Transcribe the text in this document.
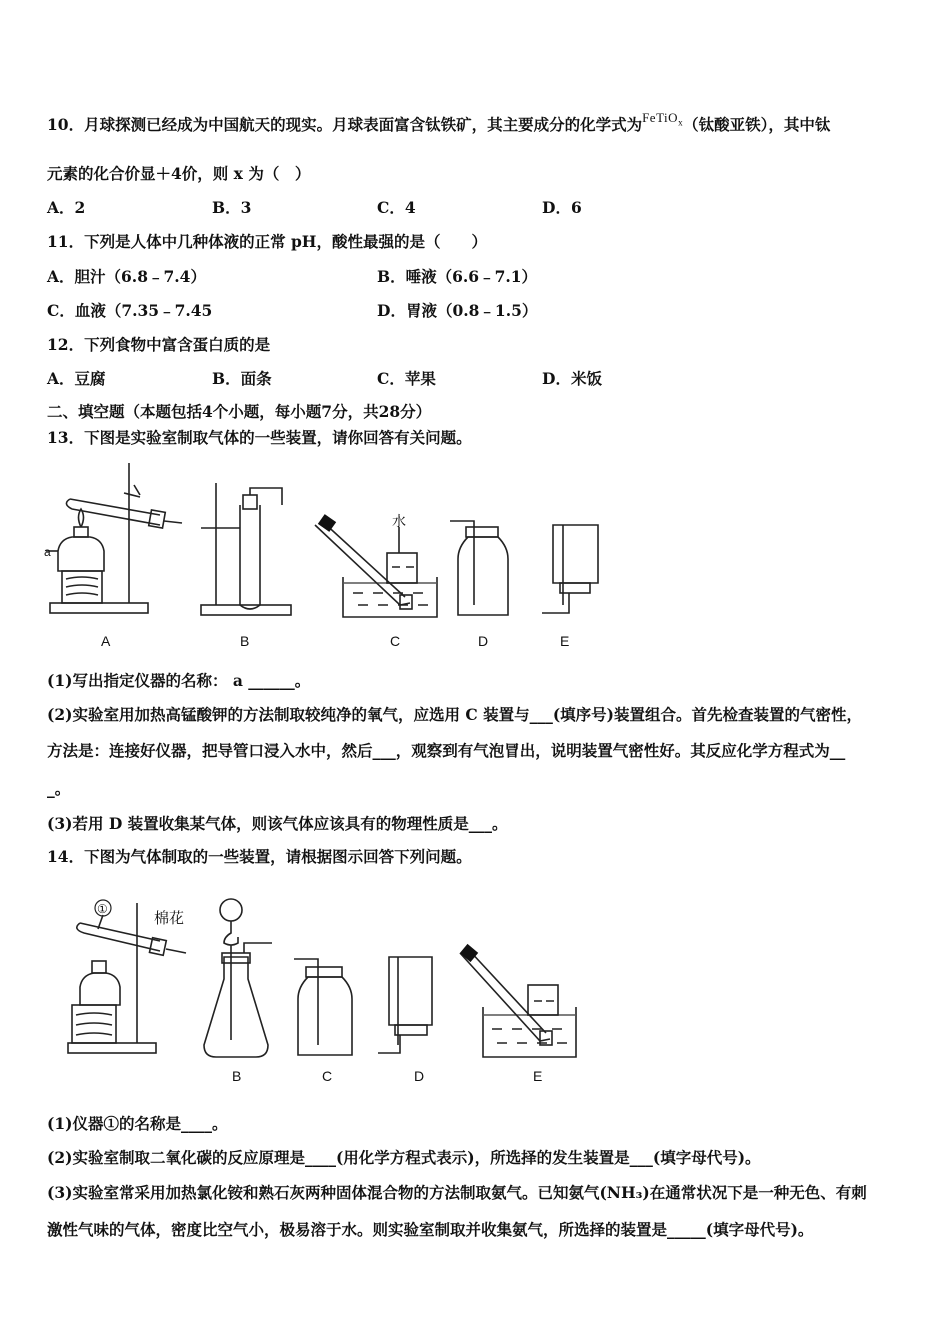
10．月球探测已经成为中国航天的现实。月球表面富含钛铁矿，其主要成分的化学式为$^{FeTiO_x}$（钛酸亚铁），其中钛
元素的化合价显＋4价，则 x 为（　）
A．2	B．3	C．4	D．6
11．下列是人体中几种体液的正常 pH，酸性最强的是（　　）
A．胆汁（6.8﹣7.4）	B．唾液（6.6﹣7.1）
C．血液（7.35﹣7.45	D．胃液（0.8﹣1.5）
12．下列食物中富含蛋白质的是
A．豆腐	B．面条	C．苹果	D．米饭
二、填空题（本题包括4个小题，每小题7分，共28分）
13．下图是实验室制取气体的一些装置，请你回答有关问题。
水
a
A	B	C	D	E
(1)写出指定仪器的名称： a ______。
(2)实验室用加热高锰酸钾的方法制取较纯净的氧气，应选用 C 装置与___(填序号)装置组合。首先检查装置的气密性，
方法是：连接好仪器，把导管口浸入水中，然后___，观察到有气泡冒出，说明装置气密性好。其反应化学方程式为__
_。
(3)若用 D 装置收集某气体，则该气体应该具有的物理性质是___。
14．下图为气体制取的一些装置，请根据图示回答下列问题。
①
棉花
B	C	D	E
(1)仪器①的名称是____。
(2)实验室制取二氧化碳的反应原理是____(用化学方程式表示)，所选择的发生装置是___(填字母代号)。
(3)实验室常采用加热氯化铵和熟石灰两种固体混合物的方法制取氨气。已知氨气(NH₃)在通常状况下是一种无色、有刺
激性气味的气体，密度比空气小，极易溶于水。则实验室制取并收集氨气，所选择的装置是_____(填字母代号)。
